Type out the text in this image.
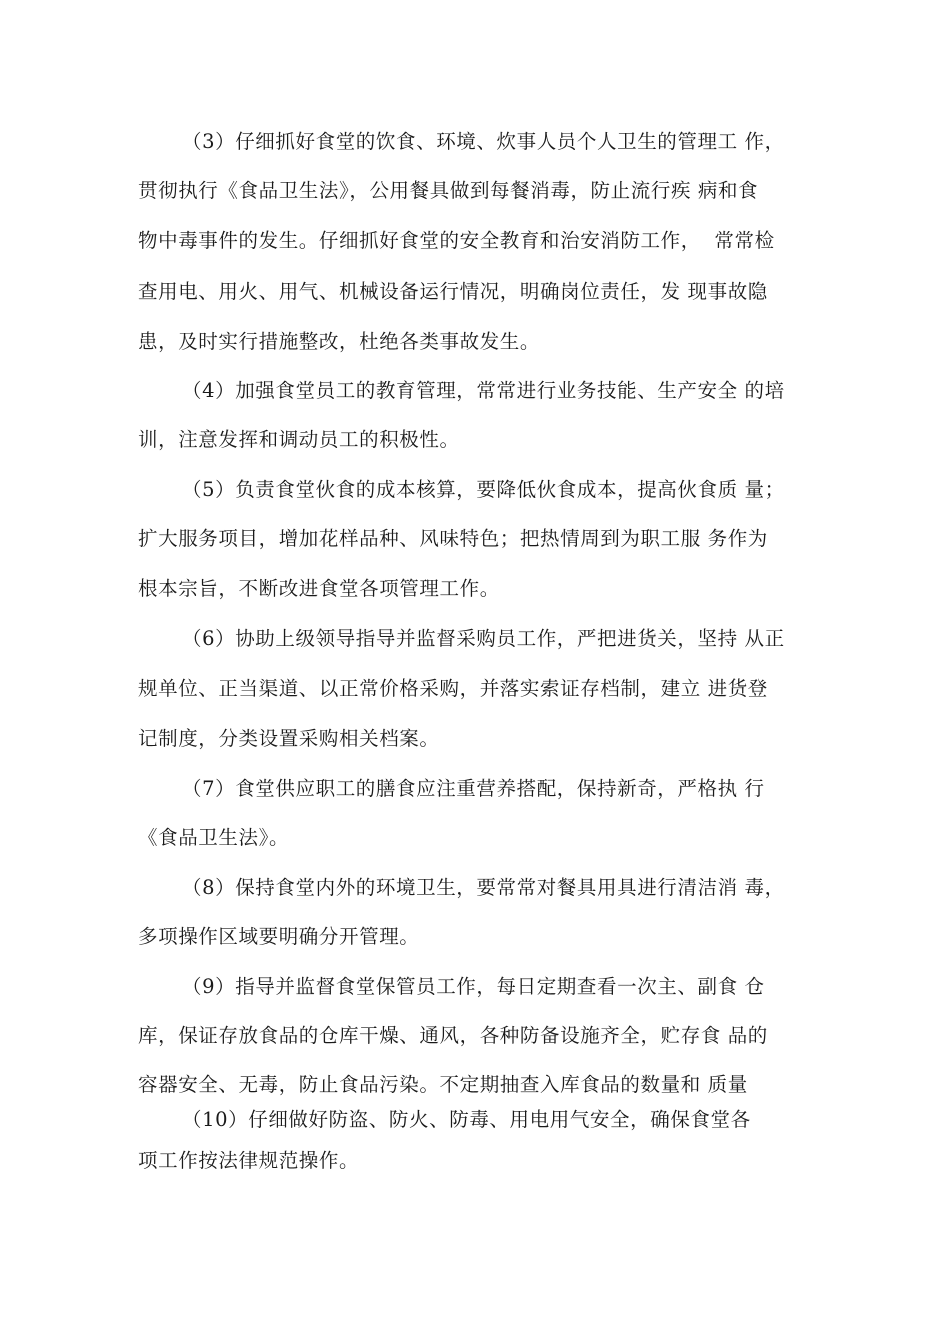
（3）仔细抓好食堂的饮食、环境、炊事人员个人卫生的管理工 作，
贯彻执行《食品卫生法》，公用餐具做到每餐消毒，防止流行疾 病和食
物中毒事件的发生。仔细抓好食堂的安全教育和治安消防工作，  常常检
查用电、用火、用气、机械设备运行情况，明确岗位责任，发 现事故隐
患，及时实行措施整改，杜绝各类事故发生。
（4）加强食堂员工的教育管理，常常进行业务技能、生产安全 的培
训，注意发挥和调动员工的积极性。
（5）负责食堂伙食的成本核算，要降低伙食成本，提高伙食质 量；
扩大服务项目，增加花样品种、风味特色；把热情周到为职工服 务作为
根本宗旨，不断改进食堂各项管理工作。
（6）协助上级领导指导并监督采购员工作，严把进货关，坚持 从正
规单位、正当渠道、以正常价格采购，并落实索证存档制，建立 进货登
记制度，分类设置采购相关档案。
（7）食堂供应职工的膳食应注重营养搭配，保持新奇，严格执 行
《食品卫生法》。
（8）保持食堂内外的环境卫生，要常常对餐具用具进行清洁消 毒，
多项操作区域要明确分开管理。
（9）指导并监督食堂保管员工作，每日定期查看一次主、副食 仓
库，保证存放食品的仓库干燥、通风，各种防备设施齐全，贮存食 品的
容器安全、无毒，防止食品污染。不定期抽查入库食品的数量和 质量
（10）仔细做好防盗、防火、防毒、用电用气安全，确保食堂各
项工作按法律规范操作。
